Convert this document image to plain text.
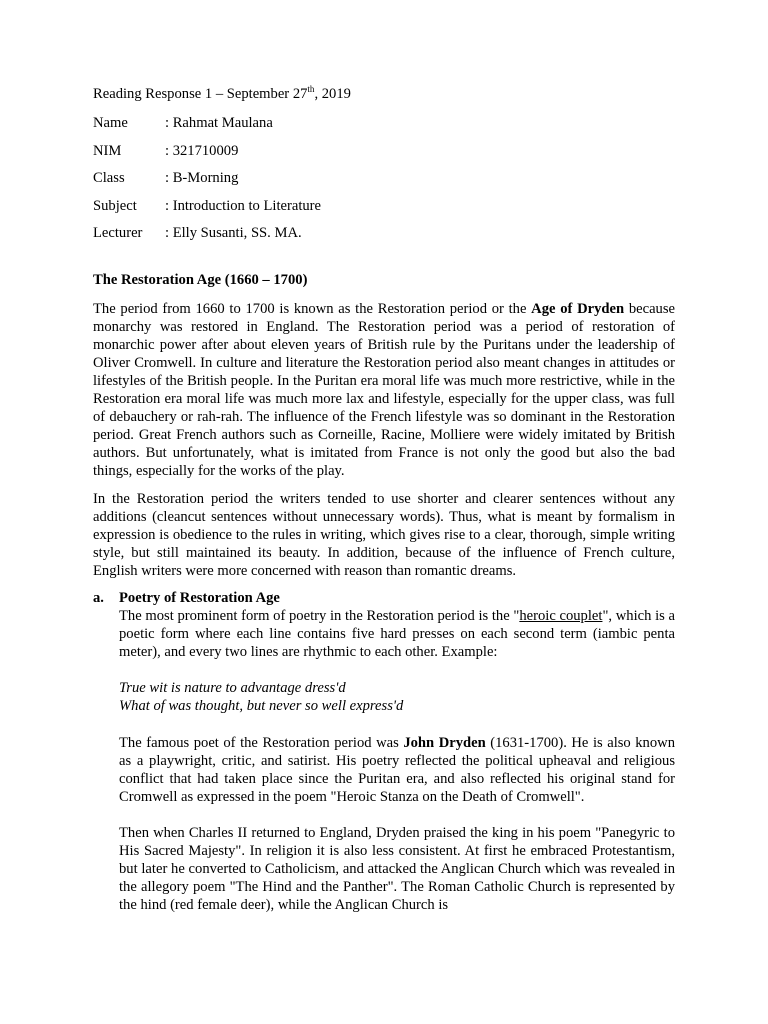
Reading Response 1 – September 27th, 2019
Name	: Rahmat Maulana
NIM	: 321710009
Class	: B-Morning
Subject	: Introduction to Literature
Lecturer	: Elly Susanti, SS. MA.
The Restoration Age (1660 – 1700)

The period from 1660 to 1700 is known as the Restoration period or the Age of Dryden because monarchy was restored in England. The Restoration period was a period of restoration of monarchic power after about eleven years of British rule by the Puritans under the leadership of Oliver Cromwell. In culture and literature the Restoration period also meant changes in attitudes or lifestyles of the British people. In the Puritan era moral life was much more restrictive, while in the Restoration era moral life was much more lax and lifestyle, especially for the upper class, was full of debauchery or rah-rah. The influence of the French lifestyle was so dominant in the Restoration period. Great French authors such as Corneille, Racine, Molliere were widely imitated by British authors. But unfortunately, what is imitated from France is not only the good but also the bad things, especially for the works of the play.

In the Restoration period the writers tended to use shorter and clearer sentences without any additions (cleancut sentences without unnecessary words). Thus, what is meant by formalism in expression is obedience to the rules in writing, which gives rise to a clear, thorough, simple writing style, but still maintained its beauty. In addition, because of the influence of French culture, English writers were more concerned with reason than romantic dreams.

a.	Poetry of Restoration Age

The most prominent form of poetry in the Restoration period is the "heroic couplet", which is a poetic form where each line contains five hard presses on each second term (iambic penta meter), and every two lines are rhythmic to each other. Example:

True wit is nature to advantage dress'd
What of was thought, but never so well express'd

The famous poet of the Restoration period was John Dryden (1631-1700). He is also known as a playwright, critic, and satirist. His poetry reflected the political upheaval and religious conflict that had taken place since the Puritan era, and also reflected his original stand for Cromwell as expressed in the poem "Heroic Stanza on the Death of Cromwell".

Then when Charles II returned to England, Dryden praised the king in his poem "Panegyric to His Sacred Majesty". In religion it is also less consistent. At first he embraced Protestantism, but later he converted to Catholicism, and attacked the Anglican Church which was revealed in the allegory poem "The Hind and the Panther". The Roman Catholic Church is represented by the hind (red female deer), while the Anglican Church is
